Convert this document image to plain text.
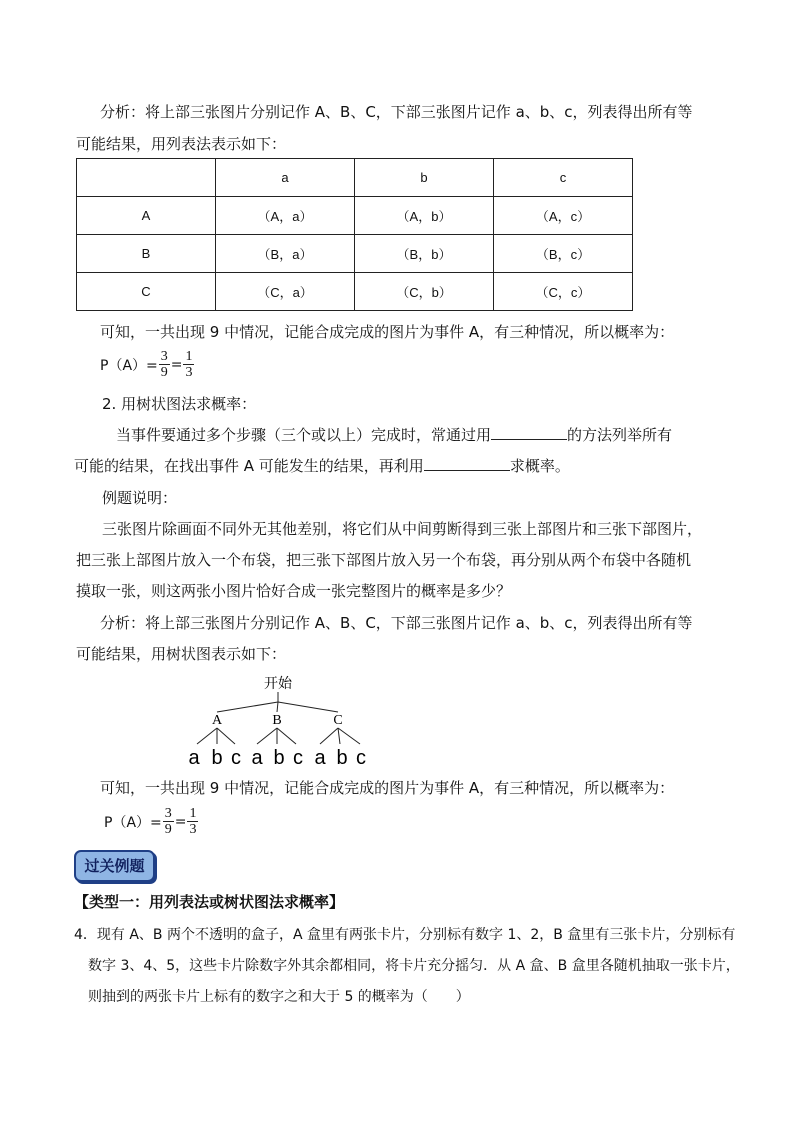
分析：将上部三张图片分别记作 A、B、C，下部三张图片记作 a、b、c，列表得出所有等
可能结果，用列表法表示如下：
	a	b	c
A	（A，a）	（A，b）	（A，c）
B	（B，a）	（B，b）	（B，c）
C	（C，a）	（C，b）	（C，c）
可知，一共出现 9 中情况，记能合成完成的图片为事件 A，有三种情况，所以概率为：
$P(A)= \frac{3}{9} = \frac{1}{3}$
2. 用树状图法求概率：
当事件要通过多个步骤（三个或以上）完成时，常通过用	的方法列举所有
可能的结果，在找出事件 A 可能发生的结果，再利用	求概率。
例题说明：
三张图片除画面不同外无其他差别，将它们从中间剪断得到三张上部图片和三张下部图片，
把三张上部图片放入一个布袋，把三张下部图片放入另一个布袋，再分别从两个布袋中各随机
摸取一张，则这两张小图片恰好合成一张完整图片的概率是多少？
分析：将上部三张图片分别记作 A、B、C，下部三张图片记作 a、b、c，列表得出所有等
可能结果，用树状图表示如下：
开始
A	B	C
a b c a b c a b c
可知，一共出现 9 中情况，记能合成完成的图片为事件 A，有三种情况，所以概率为：
$P(A)= \frac{3}{9} = \frac{1}{3}$
过关例题
【类型一：用列表法或树状图法求概率】
4．现有 A、B 两个不透明的盒子，A 盒里有两张卡片，分别标有数字 1、2，B 盒里有三张卡片，分别标有
数字 3、4、5，这些卡片除数字外其余都相同，将卡片充分摇匀．从 A 盒、B 盒里各随机抽取一张卡片，
则抽到的两张卡片上标有的数字之和大于 5 的概率为（　　）
